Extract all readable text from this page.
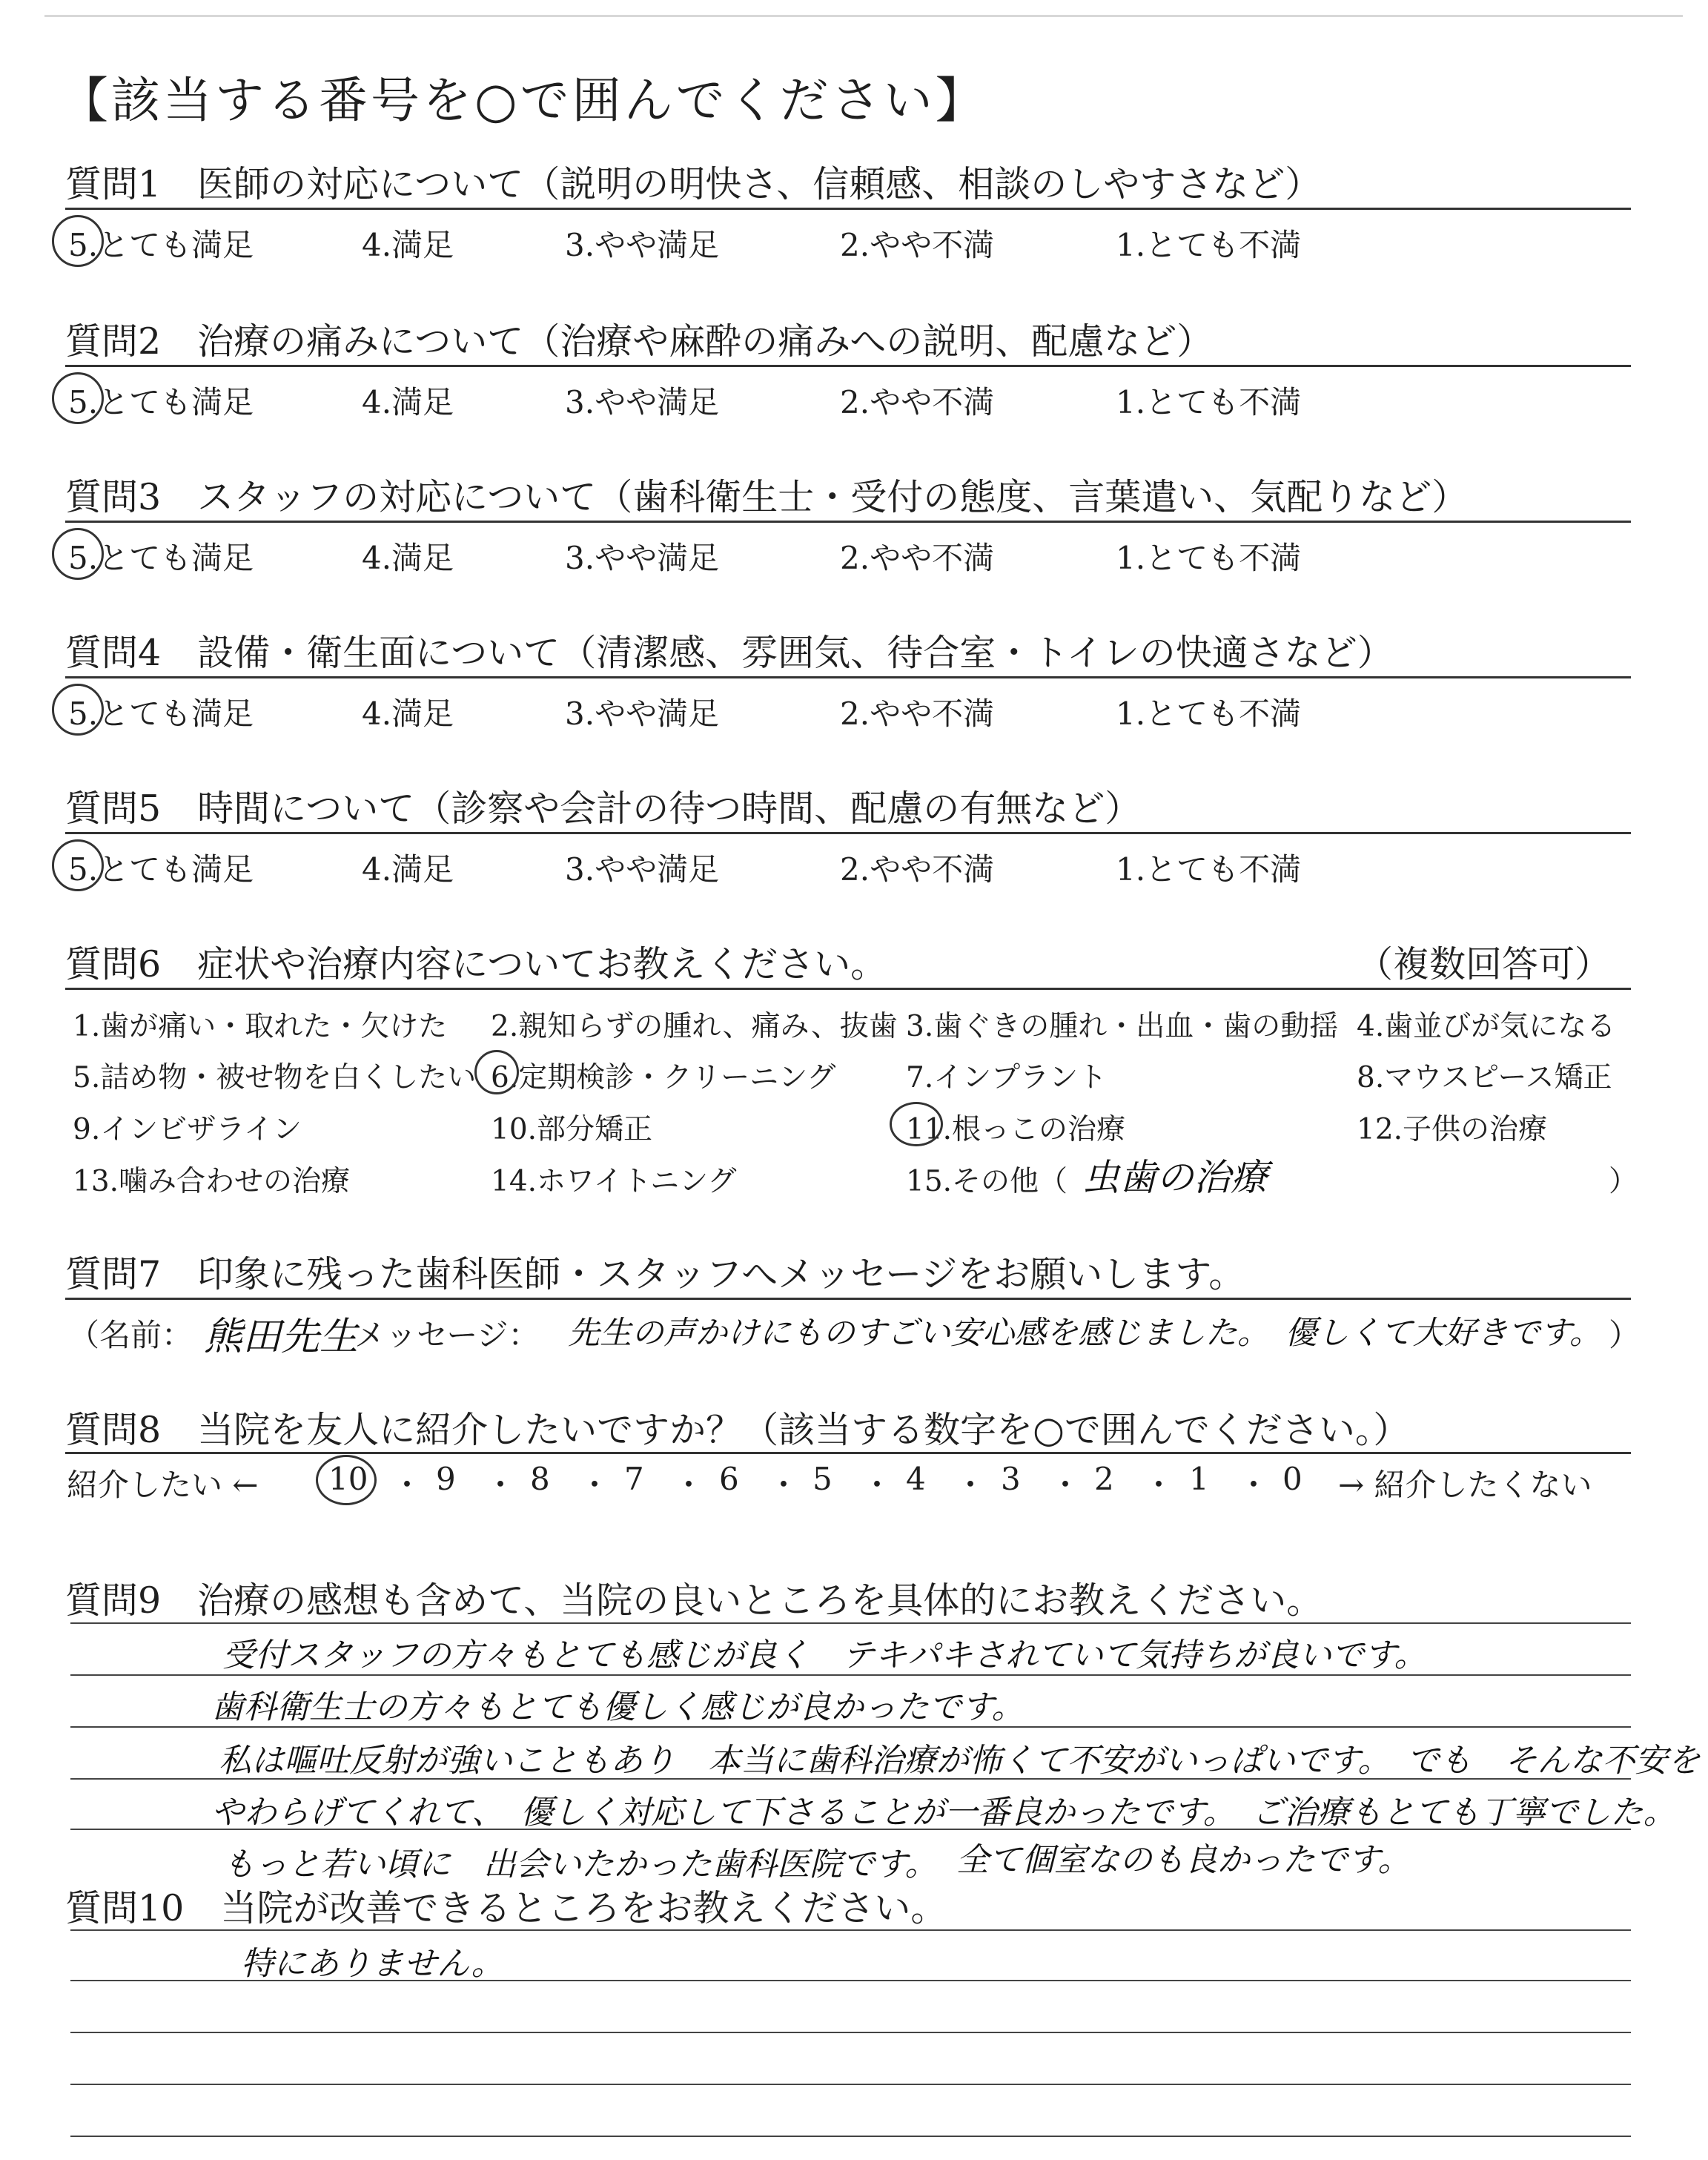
【該当する番号を○で囲んでください】
質問1　医師の対応について（説明の明快さ、信頼感、相談のしやすさなど）
5.とても満足	4.満足	3.やや満足	2.やや不満	1.とても不満
質問2　治療の痛みについて（治療や麻酔の痛みへの説明、配慮など）
5.とても満足	4.満足	3.やや満足	2.やや不満	1.とても不満
質問3　スタッフの対応について（歯科衛生士・受付の態度、言葉遣い、気配りなど）
5.とても満足	4.満足	3.やや満足	2.やや不満	1.とても不満
質問4　設備・衛生面について（清潔感、雰囲気、待合室・トイレの快適さなど）
5.とても満足	4.満足	3.やや満足	2.やや不満	1.とても不満
質問5　時間について（診察や会計の待つ時間、配慮の有無など）
5.とても満足	4.満足	3.やや満足	2.やや不満	1.とても不満
質問6　症状や治療内容についてお教えください。	（複数回答可）
1.歯が痛い・取れた・欠けた 2.親知らずの腫れ、痛み、抜歯 3.歯ぐきの腫れ・出血・歯の動揺 4.歯並びが気になる
5.詰め物・被せ物を白くしたい 6.定期検診・クリーニング 7.インプラント	8.マウスピース矯正
9.インビザライン	10.部分矯正	11.根っこの治療	12.子供の治療
13.噛み合わせの治療	14.ホワイトニング	15.その他（ 虫歯の治療	）
質問7　印象に残った歯科医師・スタッフへメッセージをお願いします。
（名前： 熊田先生
メッセージ： 先生の声かけにものすごい安心感を感じました。　優しくて大好きです。 ）
質問8　当院を友人に紹介したいですか？（該当する数字を○で囲んでください。）
紹介したい ← 10 ・ 9 ・ 8 ・ 7 ・ 6 ・ 5 ・ 4 ・ 3 ・ 2 ・ 1 ・ 0 → 紹介したくない
質問9　治療の感想も含めて、当院の良いところを具体的にお教えください。
受付スタッフの方々もとても感じが良く　テキパキされていて気持ちが良いです。
歯科衛生士の方々もとても優しく感じが良かったです。
私は嘔吐反射が強いこともあり　本当に歯科治療が怖くて不安がいっぱいです。　でも　そんな不安を
やわらげてくれて、　優しく対応して下さることが一番良かったです。　ご治療もとても丁寧でした。
もっと若い頃に　出会いたかった歯科医院です。 全て個室なのも良かったです。
質問10　当院が改善できるところをお教えください。
特にありません。
